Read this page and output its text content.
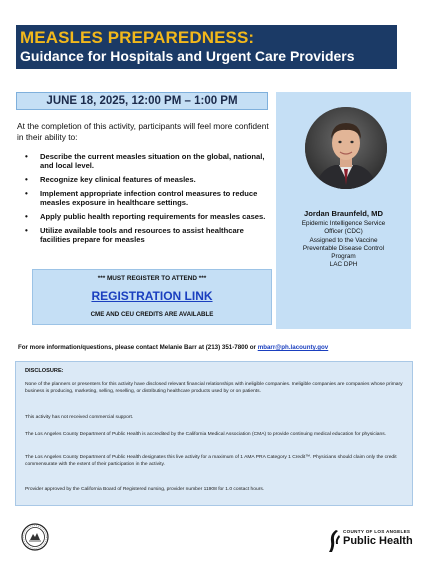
MEASLES PREPAREDNESS:
Guidance for Hospitals and Urgent Care Providers
JUNE 18, 2025, 12:00 PM – 1:00 PM
At the completion of this activity, participants will feel more confident in their ability to:
• Describe the current measles situation on the global, national, and local level.
• Recognize key clinical features of measles.
• Implement appropriate infection control measures to reduce measles exposure in healthcare settings.
• Apply public health reporting requirements for measles cases.
• Utilize available tools and resources to assist healthcare facilities prepare for measles
*** MUST REGISTER TO ATTEND ***
REGISTRATION LINK
CME AND CEU CREDITS ARE AVAILABLE
Jordan Braunfeld, MD
Epidemic Intelligence Service
Officer (CDC)
Assigned to the Vaccine
Preventable Disease Control
Program
LAC DPH
For more information/questions, please contact Melanie Barr at (213) 351-7800 or mbarr@ph.lacounty.gov
DISCLOSURE:

None of the planners or presenters for this activity have disclosed relevant financial relationships with ineligible companies. Ineligible companies are companies whose primary business is producing, marketing, selling, reselling, or distributing healthcare products used by or on patients.

This activity has not received commercial support.

The Los Angeles County Department of Public Health is accredited by the California Medical Association (CMA) to provide continuing medical education for physicians.

The Los Angeles County Department of Public Health designates this live activity for a maximum of 1 AMA PRA Category 1 Credit™. Physicians should claim only the credit commensurate with the extent of their participation in the activity.

Provider approved by the California Board of Registered nursing, provider number 11908 for 1.0 contact hours.

COUNTY OF LOS ANGELES
Public Health
